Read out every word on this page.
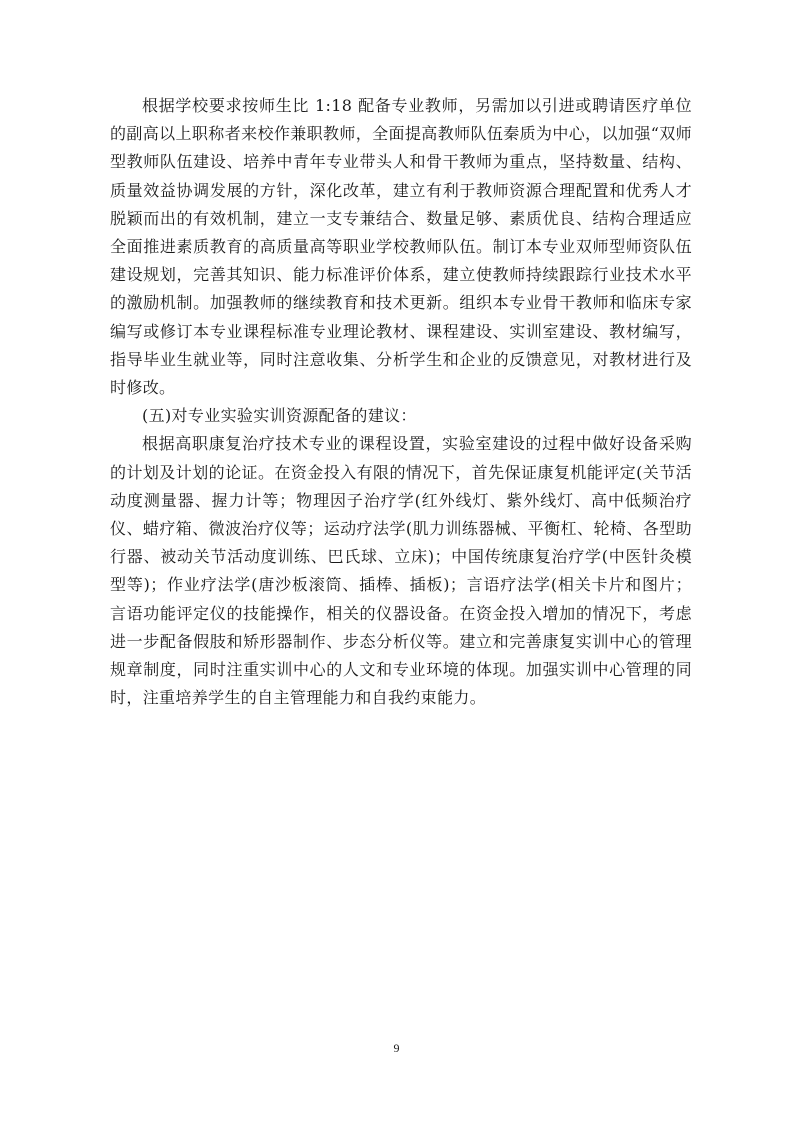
根据学校要求按师生比 1:18 配备专业教师，另需加以引进或聘请医疗单位的副高以上职称者来校作兼职教师，全面提高教师队伍秦质为中心，以加强“双师型教师队伍建设、培养中青年专业带头人和骨干教师为重点，坚持数量、结构、质量效益协调发展的方针，深化改革，建立有利于教师资源合理配置和优秀人才脱颖而出的有效机制，建立一支专兼结合、数量足够、素质优良、结构合理适应全面推进素质教育的高质量高等职业学校教师队伍。制订本专业双师型师资队伍建设规划，完善其知识、能力标准评价体系，建立使教师持续跟踪行业技术水平的激励机制。加强教师的继续教育和技术更新。组织本专业骨干教师和临床专家编写或修订本专业课程标准专业理论教材、课程建设、实训室建设、教材编写，指导毕业生就业等，同时注意收集、分析学生和企业的反馈意见，对教材进行及时修改。

(五)对专业实验实训资源配备的建议：

根据高职康复治疗技术专业的课程设置，实验室建设的过程中做好设备采购的计划及计划的论证。在资金投入有限的情况下，首先保证康复机能评定(关节活动度测量器、握力计等；物理因子治疗学(红外线灯、紫外线灯、高中低频治疗仪、蜡疗箱、微波治疗仪等；运动疗法学(肌力训练器械、平衡杠、轮椅、各型助行器、被动关节活动度训练、巴氏球、立床)；中国传统康复治疗学(中医针灸模型等)；作业疗法学(唐沙板滚筒、插棒、插板)；言语疗法学(相关卡片和图片；言语功能评定仪的技能操作，相关的仪器设备。在资金投入增加的情况下，考虑进一步配备假肢和矫形器制作、步态分析仪等。建立和完善康复实训中心的管理规章制度，同时注重实训中心的人文和专业环境的体现。加强实训中心管理的同时，注重培养学生的自主管理能力和自我约束能力。

9
